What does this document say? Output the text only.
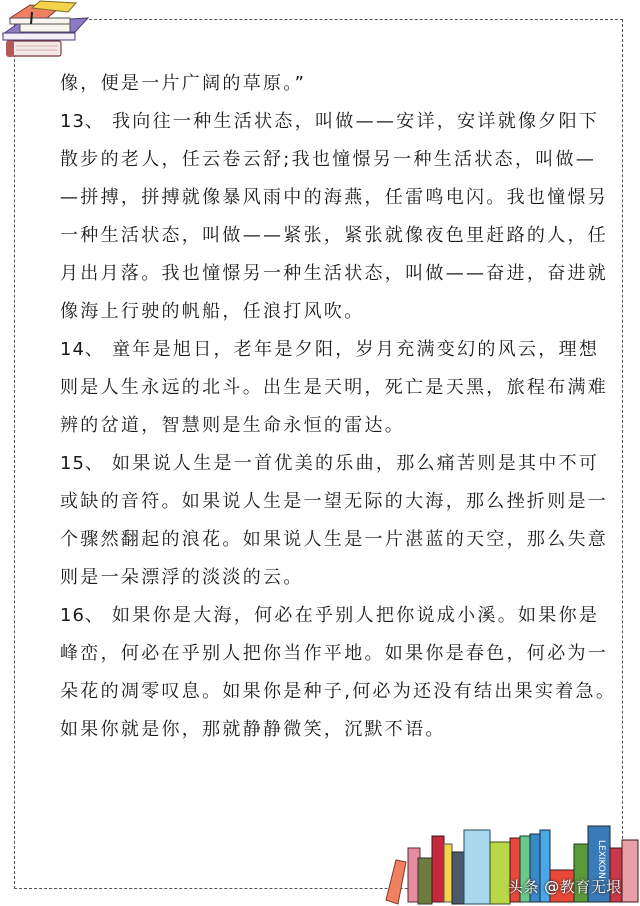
像，便是一片广阔的草原。”
13、 我向往一种生活状态，叫做——安详，安详就像夕阳下
散步的老人，任云卷云舒;我也憧憬另一种生活状态，叫做—
—拼搏，拼搏就像暴风雨中的海燕，任雷鸣电闪。我也憧憬另
一种生活状态，叫做——紧张，紧张就像夜色里赶路的人，任
月出月落。我也憧憬另一种生活状态，叫做——奋进，奋进就
像海上行驶的帆船，任浪打风吹。
14、 童年是旭日，老年是夕阳，岁月充满变幻的风云，理想
则是人生永远的北斗。出生是天明，死亡是天黑，旅程布满难
辨的岔道，智慧则是生命永恒的雷达。
15、 如果说人生是一首优美的乐曲，那么痛苦则是其中不可
或缺的音符。如果说人生是一望无际的大海，那么挫折则是一
个骤然翻起的浪花。如果说人生是一片湛蓝的天空，那么失意
则是一朵漂浮的淡淡的云。
16、 如果你是大海，何必在乎别人把你说成小溪。如果你是
峰峦，何必在乎别人把你当作平地。如果你是春色，何必为一
朵花的凋零叹息。如果你是种子,何必为还没有结出果实着急。
如果你就是你，那就静静微笑，沉默不语。
LEXIKON
头条 @教育无垠
